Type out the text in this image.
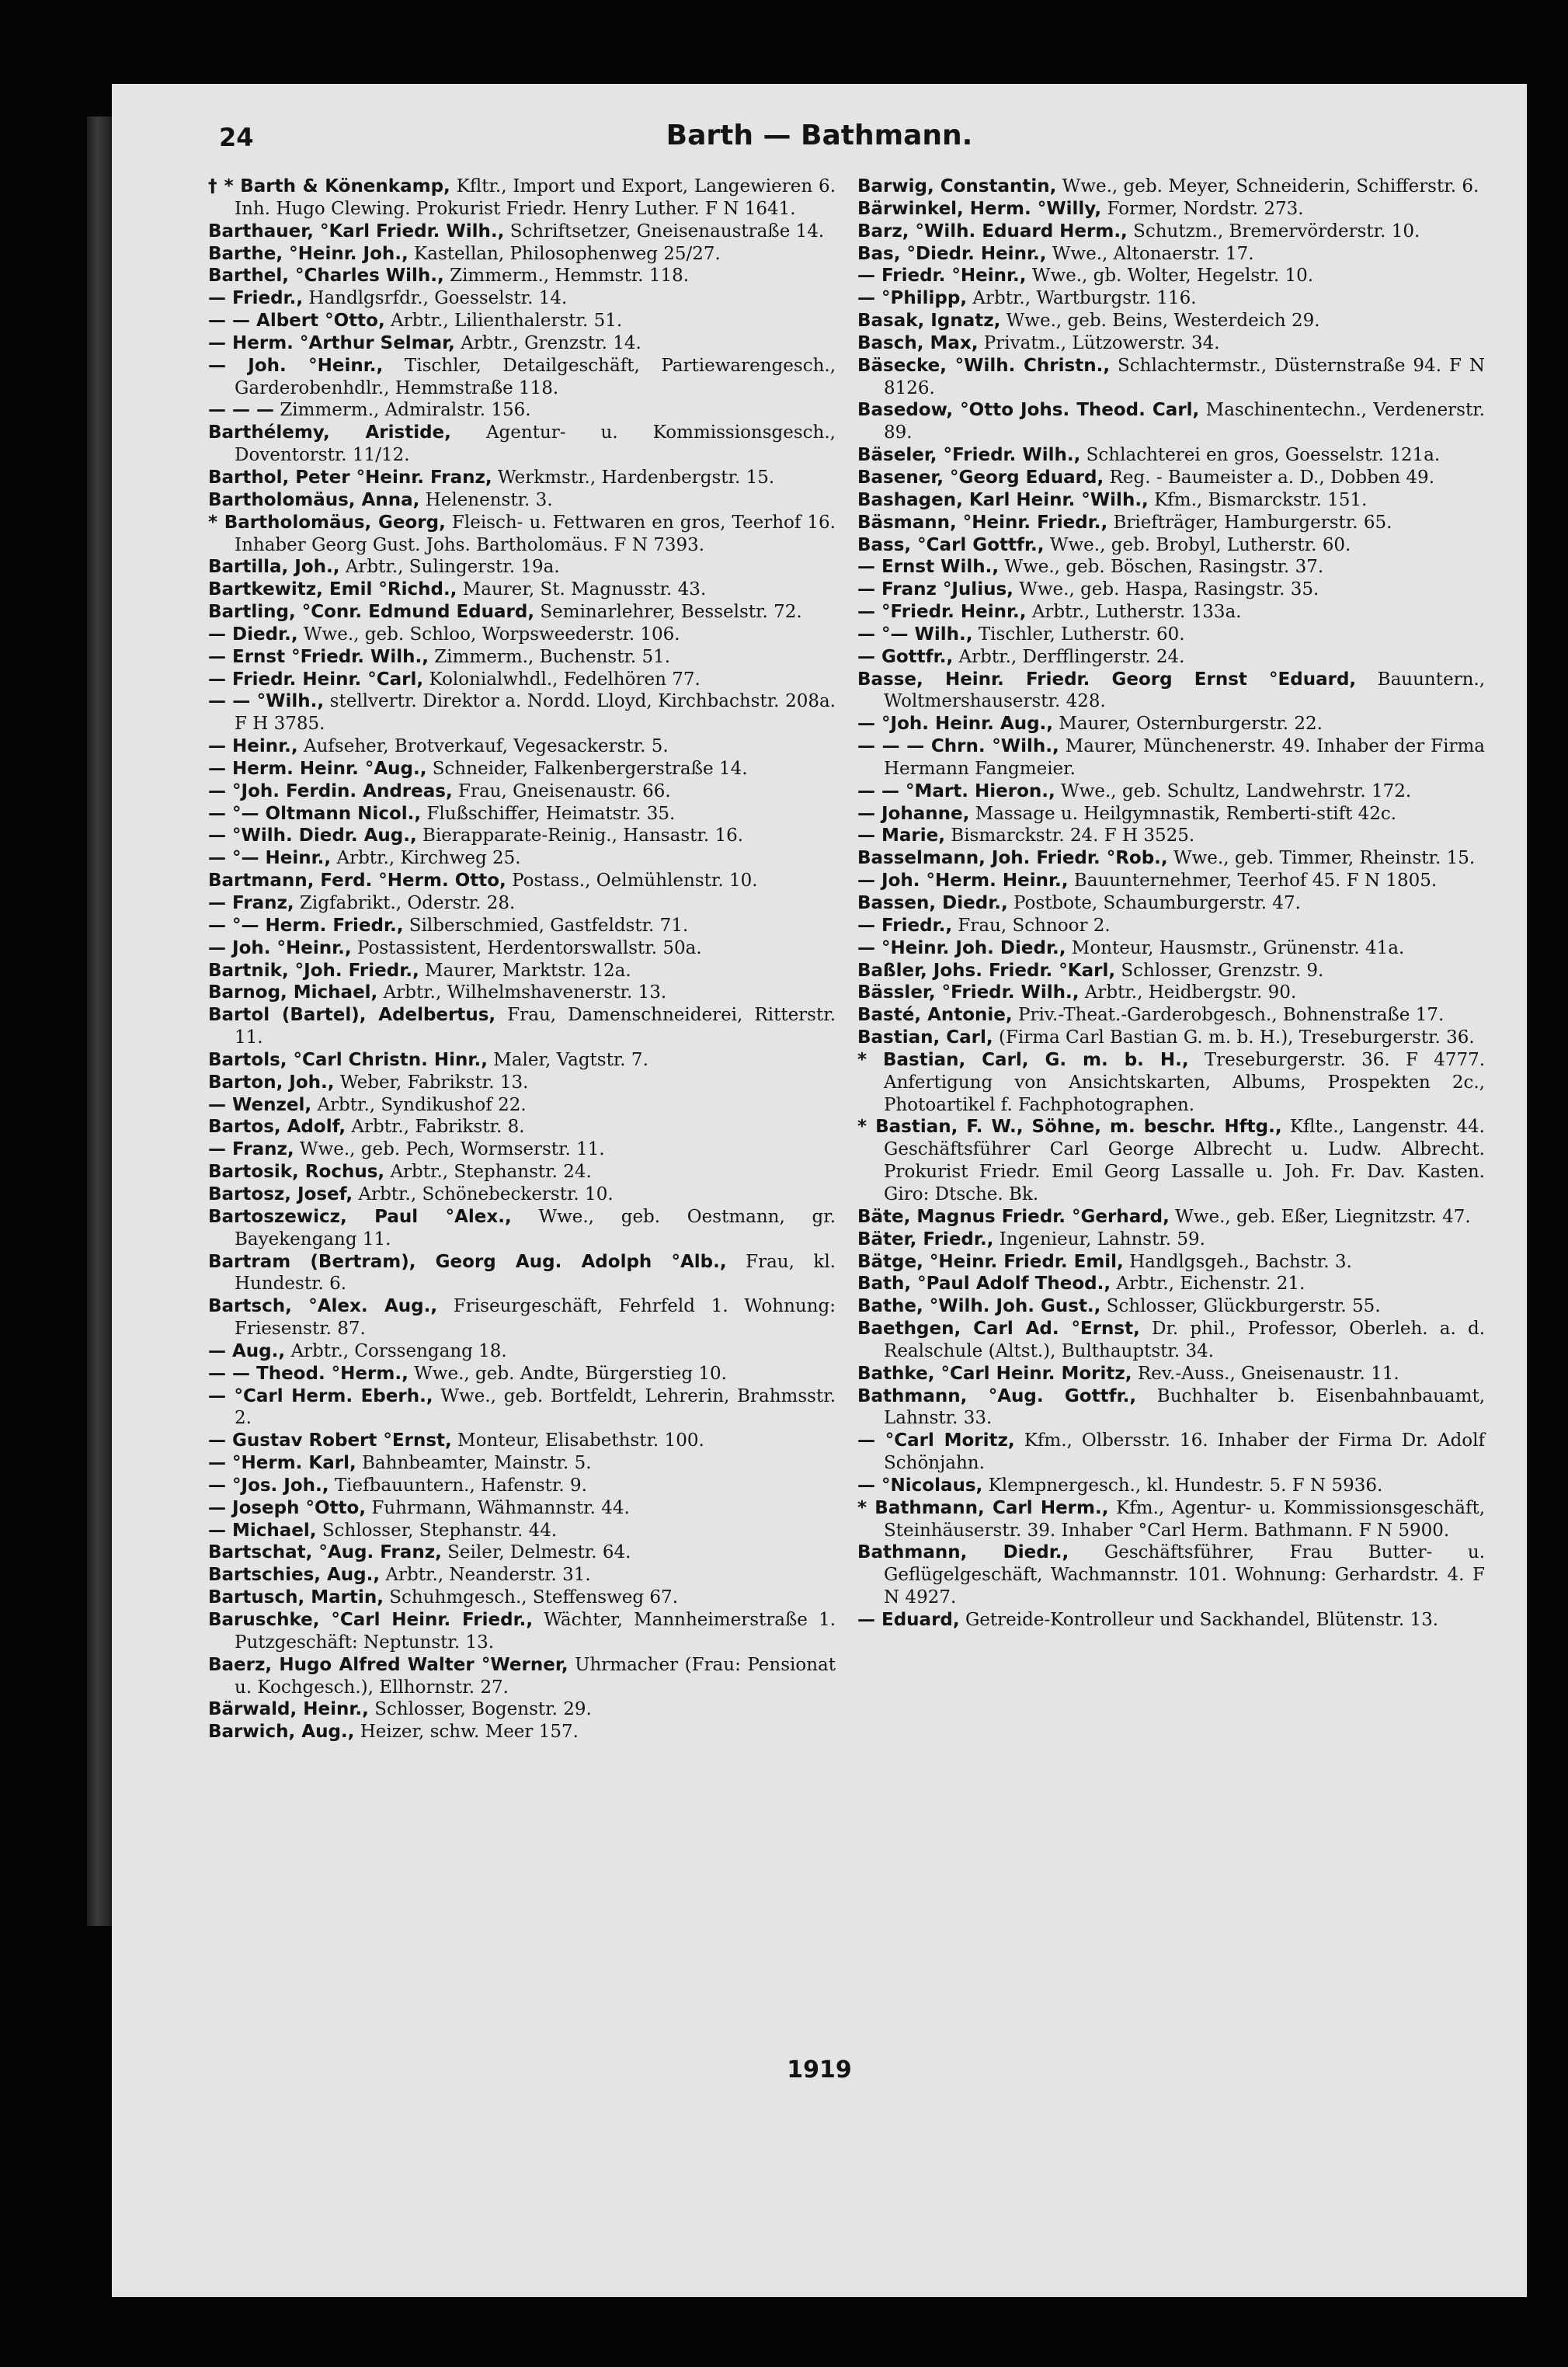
24	Barth — Bathmann.
† * Barth & Könenkamp, Kfltr., Import und Export, Langewieren 6. Inh. Hugo Clewing. Prokurist Friedr. Henry Luther. F N 1641.
Barthauer, °Karl Friedr. Wilh., Schriftsetzer, Gneisenaustraße 14.
Barthe, °Heinr. Joh., Kastellan, Philosophenweg 25/27.
Barthel, °Charles Wilh., Zimmerm., Hemmstr. 118.
— Friedr., Handlgsrfdr., Goesselstr. 14.
— — Albert °Otto, Arbtr., Lilienthalerstr. 51.
— Herm. °Arthur Selmar, Arbtr., Grenzstr. 14.
— Joh. °Heinr., Tischler, Detailgeschäft, Partiewarengesch., Garderobenhdlr., Hemmstraße 118.
— — — Zimmerm., Admiralstr. 156.
Barthélemy, Aristide, Agentur- u. Kommissionsgesch., Doventorstr. 11/12.
Barthol, Peter °Heinr. Franz, Werkmstr., Hardenbergstr. 15.
Bartholomäus, Anna, Helenenstr. 3.
* Bartholomäus, Georg, Fleisch- u. Fettwaren en gros, Teerhof 16. Inhaber Georg Gust. Johs. Bartholomäus. F N 7393.
Bartilla, Joh., Arbtr., Sulingerstr. 19a.
Bartkewitz, Emil °Richd., Maurer, St. Magnusstr. 43.
Bartling, °Conr. Edmund Eduard, Seminarlehrer, Besselstr. 72.
— Diedr., Wwe., geb. Schloo, Worpsweederstr. 106.
— Ernst °Friedr. Wilh., Zimmerm., Buchenstr. 51.
— Friedr. Heinr. °Carl, Kolonialwhdl., Fedelhören 77.
— — °Wilh., stellvertr. Direktor a. Nordd. Lloyd, Kirchbachstr. 208a. F H 3785.
— Heinr., Aufseher, Brotverkauf, Vegesackerstr. 5.
— Herm. Heinr. °Aug., Schneider, Falkenbergerstraße 14.
— °Joh. Ferdin. Andreas, Frau, Gneisenaustr. 66.
— °— Oltmann Nicol., Flußschiffer, Heimatstr. 35.
— °Wilh. Diedr. Aug., Bierapparate-Reinig., Hansastr. 16.
— °— Heinr., Arbtr., Kirchweg 25.
Bartmann, Ferd. °Herm. Otto, Postass., Oelmühlenstr. 10.
— Franz, Zigfabrikt., Oderstr. 28.
— °— Herm. Friedr., Silberschmied, Gastfeldstr. 71.
— Joh. °Heinr., Postassistent, Herdentorswallstr. 50a.
Bartnik, °Joh. Friedr., Maurer, Marktstr. 12a.
Barnog, Michael, Arbtr., Wilhelmshavenerstr. 13.
Bartol (Bartel), Adelbertus, Frau, Damenschneiderei, Ritterstr. 11.
Bartols, °Carl Christn. Hinr., Maler, Vagtstr. 7.
Barton, Joh., Weber, Fabrikstr. 13.
— Wenzel, Arbtr., Syndikushof 22.
Bartos, Adolf, Arbtr., Fabrikstr. 8.
— Franz, Wwe., geb. Pech, Wormserstr. 11.
Bartosik, Rochus, Arbtr., Stephanstr. 24.
Bartosz, Josef, Arbtr., Schönebeckerstr. 10.
Bartoszewicz, Paul °Alex., Wwe., geb. Oestmann, gr. Bayekengang 11.
Bartram (Bertram), Georg Aug. Adolph °Alb., Frau, kl. Hundestr. 6.
Bartsch, °Alex. Aug., Friseurgeschäft, Fehrfeld 1. Wohnung: Friesenstr. 87.
— Aug., Arbtr., Corssengang 18.
— — Theod. °Herm., Wwe., geb. Andte, Bürgerstieg 10.
— °Carl Herm. Eberh., Wwe., geb. Bortfeldt, Lehrerin, Brahmsstr. 2.
— Gustav Robert °Ernst, Monteur, Elisabethstr. 100.
— °Herm. Karl, Bahnbeamter, Mainstr. 5.
— °Jos. Joh., Tiefbauuntern., Hafenstr. 9.
— Joseph °Otto, Fuhrmann, Wähmannstr. 44.
— Michael, Schlosser, Stephanstr. 44.
Bartschat, °Aug. Franz, Seiler, Delmestr. 64.
Bartschies, Aug., Arbtr., Neanderstr. 31.
Bartusch, Martin, Schuhmgesch., Steffensweg 67.
Baruschke, °Carl Heinr. Friedr., Wächter, Mannheimerstraße 1. Putzgeschäft: Neptunstr. 13.
Baerz, Hugo Alfred Walter °Werner, Uhrmacher (Frau: Pensionat u. Kochgesch.), Ellhornstr. 27.
Bärwald, Heinr., Schlosser, Bogenstr. 29.
Barwich, Aug., Heizer, schw. Meer 157.
Barwig, Constantin, Wwe., geb. Meyer, Schneiderin, Schifferstr. 6.
Bärwinkel, Herm. °Willy, Former, Nordstr. 273.
Barz, °Wilh. Eduard Herm., Schutzm., Bremervörderstr. 10.
Bas, °Diedr. Heinr., Wwe., Altonaerstr. 17.
— Friedr. °Heinr., Wwe., gb. Wolter, Hegelstr. 10.
— °Philipp, Arbtr., Wartburgstr. 116.
Basak, Ignatz, Wwe., geb. Beins, Westerdeich 29.
Basch, Max, Privatm., Lützowerstr. 34.
Bäsecke, °Wilh. Christn., Schlachtermstr., Düsternstraße 94. F N 8126.
Basedow, °Otto Johs. Theod. Carl, Maschinentechn., Verdenerstr. 89.
Bäseler, °Friedr. Wilh., Schlachterei en gros, Goesselstr. 121a.
Basener, °Georg Eduard, Reg. - Baumeister a. D., Dobben 49.
Bashagen, Karl Heinr. °Wilh., Kfm., Bismarckstr. 151.
Bäsmann, °Heinr. Friedr., Briefträger, Hamburgerstr. 65.
Bass, °Carl Gottfr., Wwe., geb. Brobyl, Lutherstr. 60.
— Ernst Wilh., Wwe., geb. Böschen, Rasingstr. 37.
— Franz °Julius, Wwe., geb. Haspa, Rasingstr. 35.
— °Friedr. Heinr., Arbtr., Lutherstr. 133a.
— °— Wilh., Tischler, Lutherstr. 60.
— Gottfr., Arbtr., Derfflingerstr. 24.
Basse, Heinr. Friedr. Georg Ernst °Eduard, Bauuntern., Woltmershauserstr. 428.
— °Joh. Heinr. Aug., Maurer, Osternburgerstr. 22.
— — — Chrn. °Wilh., Maurer, Münchenerstr. 49. Inhaber der Firma Hermann Fangmeier.
— — °Mart. Hieron., Wwe., geb. Schultz, Landwehrstr. 172.
— Johanne, Massage u. Heilgymnastik, Remberti-stift 42c.
— Marie, Bismarckstr. 24. F H 3525.
Basselmann, Joh. Friedr. °Rob., Wwe., geb. Timmer, Rheinstr. 15.
— Joh. °Herm. Heinr., Bauunternehmer, Teerhof 45. F N 1805.
Bassen, Diedr., Postbote, Schaumburgerstr. 47.
— Friedr., Frau, Schnoor 2.
— °Heinr. Joh. Diedr., Monteur, Hausmstr., Grünenstr. 41a.
Baßler, Johs. Friedr. °Karl, Schlosser, Grenzstr. 9.
Bässler, °Friedr. Wilh., Arbtr., Heidbergstr. 90.
Basté, Antonie, Priv.-Theat.-Garderobgesch., Bohnenstraße 17.
Bastian, Carl, (Firma Carl Bastian G. m. b. H.), Treseburgerstr. 36.
* Bastian, Carl, G. m. b. H., Treseburgerstr. 36. F 4777. Anfertigung von Ansichtskarten, Albums, Prospekten 2c., Photoartikel f. Fachphotographen.
* Bastian, F. W., Söhne, m. beschr. Hftg., Kflte., Langenstr. 44. Geschäftsführer Carl George Albrecht u. Ludw. Albrecht. Prokurist Friedr. Emil Georg Lassalle u. Joh. Fr. Dav. Kasten. Giro: Dtsche. Bk.
Bäte, Magnus Friedr. °Gerhard, Wwe., geb. Eßer, Liegnitzstr. 47.
Bäter, Friedr., Ingenieur, Lahnstr. 59.
Bätge, °Heinr. Friedr. Emil, Handlgsgeh., Bachstr. 3.
Bath, °Paul Adolf Theod., Arbtr., Eichenstr. 21.
Bathe, °Wilh. Joh. Gust., Schlosser, Glückburgerstr. 55.
Baethgen, Carl Ad. °Ernst, Dr. phil., Professor, Oberleh. a. d. Realschule (Altst.), Bulthauptstr. 34.
Bathke, °Carl Heinr. Moritz, Rev.-Auss., Gneisenaustr. 11.
Bathmann, °Aug. Gottfr., Buchhalter b. Eisenbahnbauamt, Lahnstr. 33.
— °Carl Moritz, Kfm., Olbersstr. 16. Inhaber der Firma Dr. Adolf Schönjahn.
— °Nicolaus, Klempnergesch., kl. Hundestr. 5. F N 5936.
* Bathmann, Carl Herm., Kfm., Agentur- u. Kommissionsgeschäft, Steinhäuserstr. 39. Inhaber °Carl Herm. Bathmann. F N 5900.
Bathmann, Diedr., Geschäftsführer, Frau Butter- u. Geflügelgeschäft, Wachmannstr. 101. Wohnung: Gerhardstr. 4. F N 4927.
— Eduard, Getreide-Kontrolleur und Sackhandel, Blütenstr. 13.
1919
